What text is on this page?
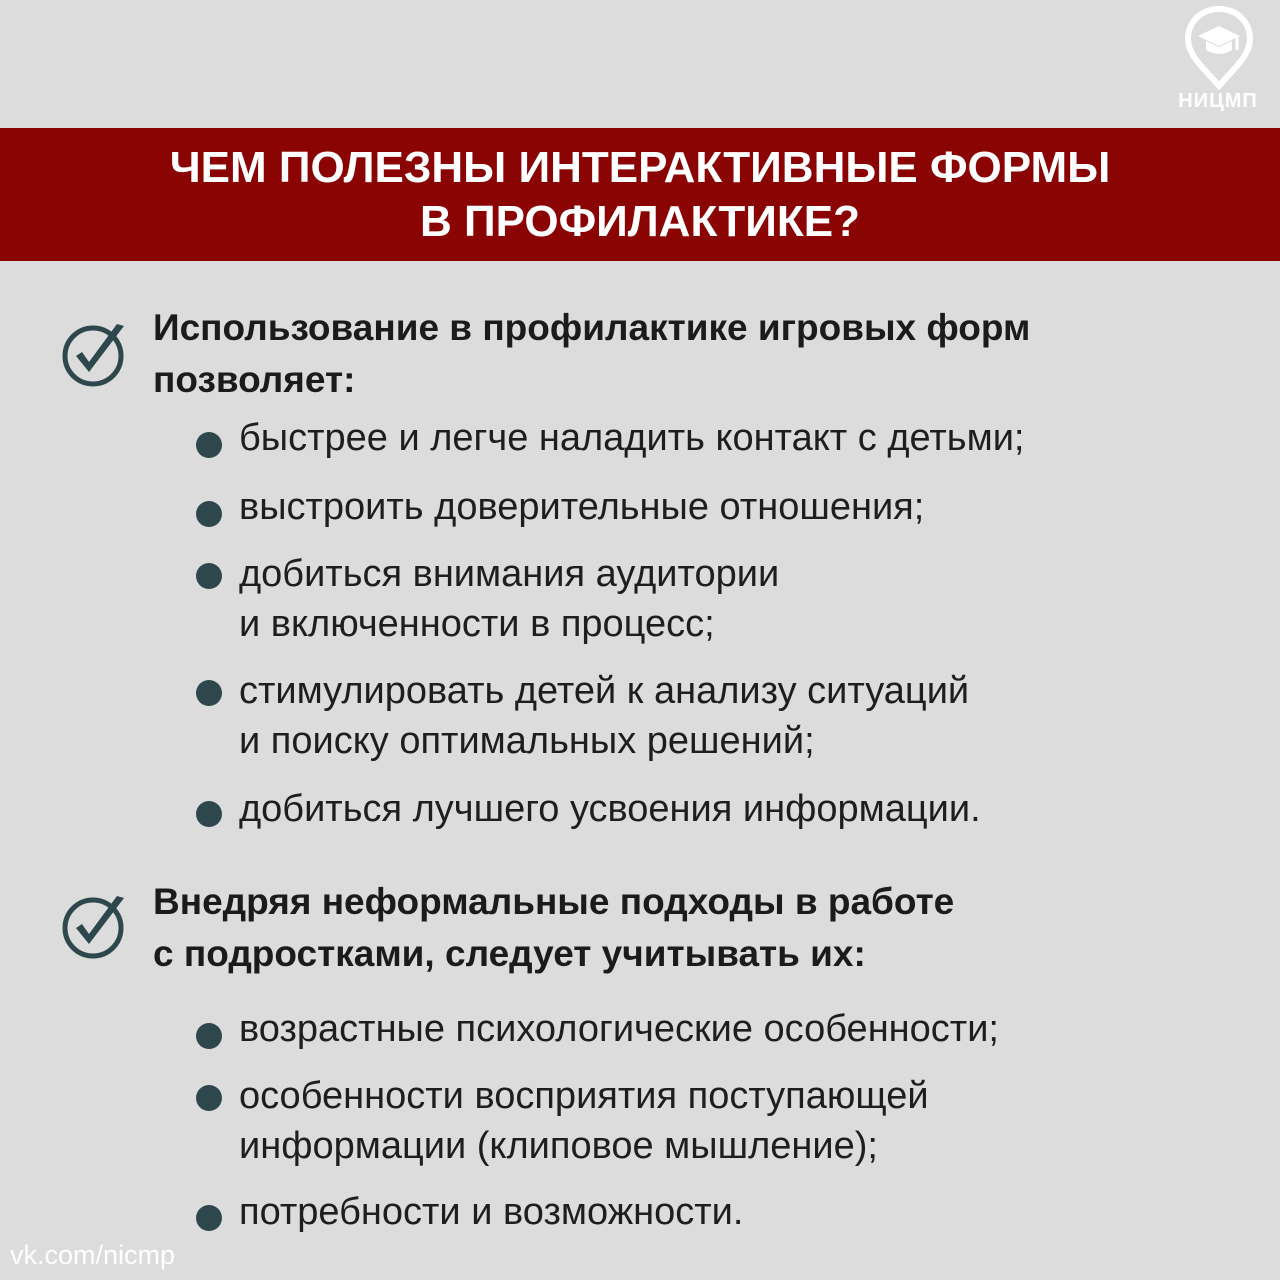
НИЦМП
ЧЕМ ПОЛЕЗНЫ ИНТЕРАКТИВНЫЕ ФОРМЫ
В ПРОФИЛАКТИКЕ?
Использование в профилактике игровых форм
позволяет:
быстрее и легче наладить контакт с детьми;
выстроить доверительные отношения;
добиться внимания аудитории
и включенности в процесс;
стимулировать детей к анализу ситуаций
и поиску оптимальных решений;
добиться лучшего усвоения информации.
Внедряя неформальные подходы в работе
с подростками, следует учитывать их:
возрастные психологические особенности;
особенности восприятия поступающей
информации (клиповое мышление);
потребности и возможности.
vk.com/nicmp
